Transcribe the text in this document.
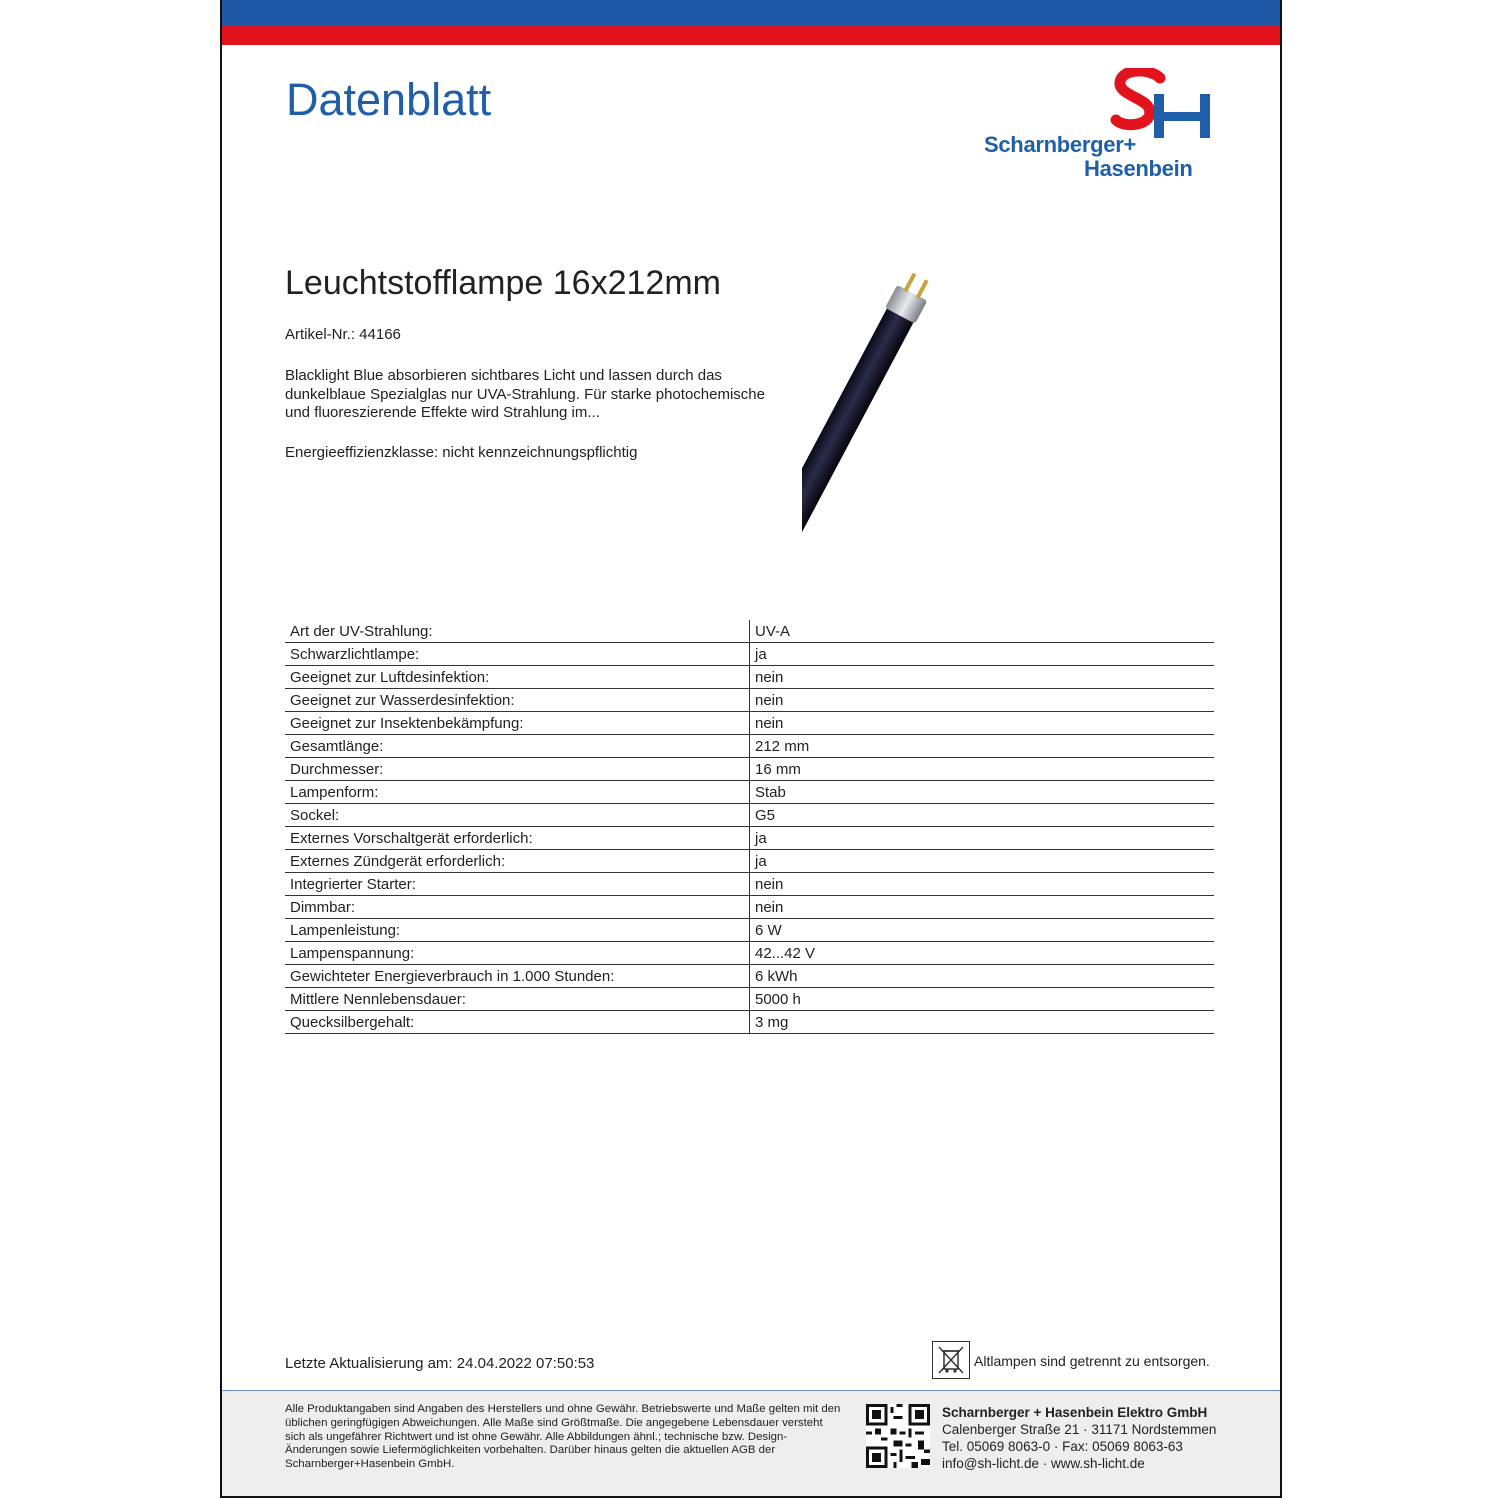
Datenblatt
Scharnberger+
Hasenbein
Leuchtstofflampe 16x212mm
Artikel-Nr.: 44166
Blacklight Blue absorbieren sichtbares Licht und lassen durch das dunkelblaue Spezialglas nur UVA-Strahlung. Für starke photochemische und fluoreszierende Effekte wird Strahlung im...
Energieeffizienzklasse: nicht kennzeichnungspflichtig
Art der UV-Strahlung:	UV-A
Schwarzlichtlampe:	ja
Geeignet zur Luftdesinfektion:	nein
Geeignet zur Wasserdesinfektion:	nein
Geeignet zur Insektenbekämpfung:	nein
Gesamtlänge:	212 mm
Durchmesser:	16 mm
Lampenform:	Stab
Sockel:	G5
Externes Vorschaltgerät erforderlich:	ja
Externes Zündgerät erforderlich:	ja
Integrierter Starter:	nein
Dimmbar:	nein
Lampenleistung:	6 W
Lampenspannung:	42...42 V
Gewichteter Energieverbrauch in 1.000 Stunden:	6 kWh
Mittlere Nennlebensdauer:	5000 h
Quecksilbergehalt:	3 mg
Letzte Aktualisierung am: 24.04.2022 07:50:53	Altlampen sind getrennt zu entsorgen.
Alle Produktangaben sind Angaben des Herstellers und ohne Gewähr. Betriebswerte und Maße gelten mit den üblichen geringfügigen Abweichungen. Alle Maße sind Größtmaße. Die angegebene Lebensdauer versteht sich als ungefährer Richtwert und ist ohne Gewähr. Alle Abbildungen ähnl.; technische bzw. Design-Änderungen sowie Liefermöglichkeiten vorbehalten. Darüber hinaus gelten die aktuellen AGB der Scharnberger+Hasenbein GmbH.
Scharnberger + Hasenbein Elektro GmbH
Calenberger Straße 21 · 31171 Nordstemmen
Tel. 05069 8063-0 · Fax: 05069 8063-63
info@sh-licht.de · www.sh-licht.de
